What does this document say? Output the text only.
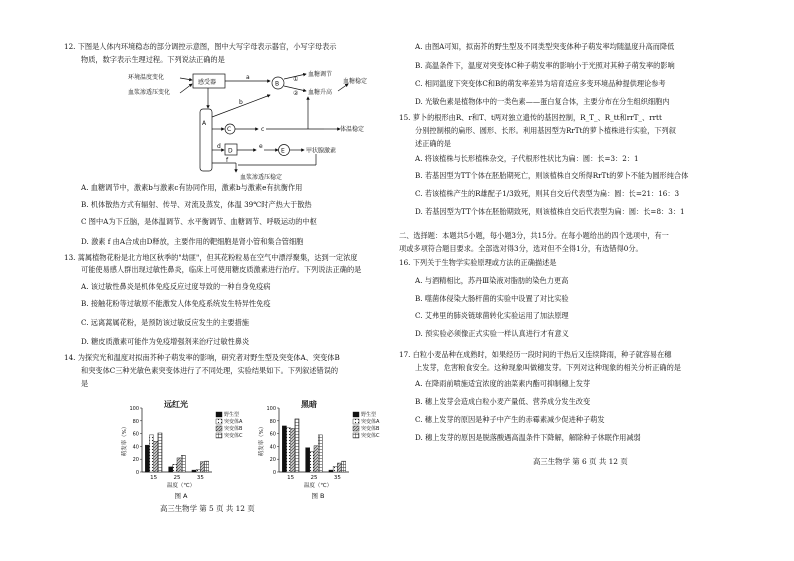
12. 下图是人体内环境稳态的部分调控示意图，图中大写字母表示器官，小写字母表示
物质，数字表示生理过程。下列说法正确的是
环境温度变化
血浆渗透压变化
感受器	B
A
C
D	E
a
b
c
d	e
f
①
②
血糖调节
血糖升高
血糖稳定
体温稳定
甲状腺激素
血浆渗透压稳定
A. 血糖调节中，激素b与激素c有协同作用，激素b与激素e有抗衡作用
B. 机体散热方式有辐射、传导、对流及蒸发，体温 39℃时产热大于散热
C 图中A为下丘脑，是体温调节、水平衡调节、血糖调节、呼吸运动的中枢
D. 激素 f 由A合成由D释放，主要作用的靶细胞是肾小管和集合管细胞
13. 蒿属植物花粉是北方地区秋季的"劫匪"，但其花粉粒易在空气中漂浮聚集，达到一定浓度
可能使易感人群出现过敏性鼻炎，临床上可使用糖皮质激素进行治疗。下列说法正确的是
A. 该过敏性鼻炎是机体免疫反应过度导致的一种自身免疫病
B. 接触花粉等过敏原不能激发人体免疫系统发生特异性免疫
C. 远离蒿属花粉，是预防该过敏反应发生的主要措施
D. 糖皮质激素可能作为免疫增强剂来治疗过敏性鼻炎
14. 为探究光和温度对拟南芥种子萌发率的影响，研究者对野生型及突变体A、突变体B
和突变体C三种光敏色素突变体进行了不同处理，实验结果如下。下列叙述错误的
是
远红光
0
20
40
60
80
100
萌发率（%）
15	25	35
温度（℃）
野生型
突变体A
突变体B
突变体C
图 A
黑暗
0
20
40
60
80
100
萌发率（%）
15	25	35
温度（℃）
野生型
突变体A
突变体B
突变体C
图 B
高三生物学 第 5 页 共 12 页
A. 由图A可知，拟南芥的野生型及不同类型突变体种子萌发率均随温度升高而降低
B. 高温条件下，温度对突变体C种子萌发率的影响小于光照对其种子萌发率的影响
C. 相同温度下突变体C和B的萌发率差异为培育适应多变环境品种提供理论参考
D. 光敏色素是植物体中的一类色素——蛋白复合体，主要分布在分生组织细胞内
15. 萝卜的根形由R、r和T、t两对独立遗传的基因控制，R_T_、R_tt和rrT_、rrtt
分别控制根的扁形、圆形、长形。利用基因型为RrTt的萝卜植株进行实验，下列叙
述正确的是
A. 将该植株与长形植株杂交，子代根形性状比为扁：圆：长=3：2：1
B. 若基因型为TT个体在胚胎期死亡，则该植株自交所得RrTt的萝卜不能为圆形纯合体
C. 若该植株产生的R雄配子1/3致死，则其自交后代表型为扁：圆：长=21：16：3
D. 若基因型为TT个体在胚胎期致死，则该植株自交后代表型为扁：圆：长=8：3：1
二、选择题：本题共5小题，每小题3分，共15分。在每小题给出的四个选项中，有一
项或多项符合题目要求。全部选对得3分，选对但不全得1分，有选错得0分。
16. 下列关于生物学实验原理或方法的正确描述是
A. 与酒精相比，苏丹Ⅲ染液对脂肪的染色力更高
B. 噬菌体侵染大肠杆菌的实验中设置了对比实验
C. 艾弗里的肺炎链球菌转化实验运用了加法原理
D. 预实验必须像正式实验一样认真进行才有意义
17. 白粒小麦品种在成熟时，如果经历一段时间的干热后又连续降雨，种子就容易在穗
上发芽，危害粮食安全。这种现象叫做穗发芽。下列对这种现象的相关分析正确的是
A. 在降雨前喷施适宜浓度的油菜素内酯可抑制穗上发芽
B. 穗上发芽会造成白粒小麦产量低、营养成分发生改变
C. 穗上发芽的原因是种子中产生的赤霉素减少促进种子萌发
D. 穗上发芽的原因是脱落酸遇高温条件下降解，解除种子休眠作用减弱
高三生物学 第 6 页 共 12 页
